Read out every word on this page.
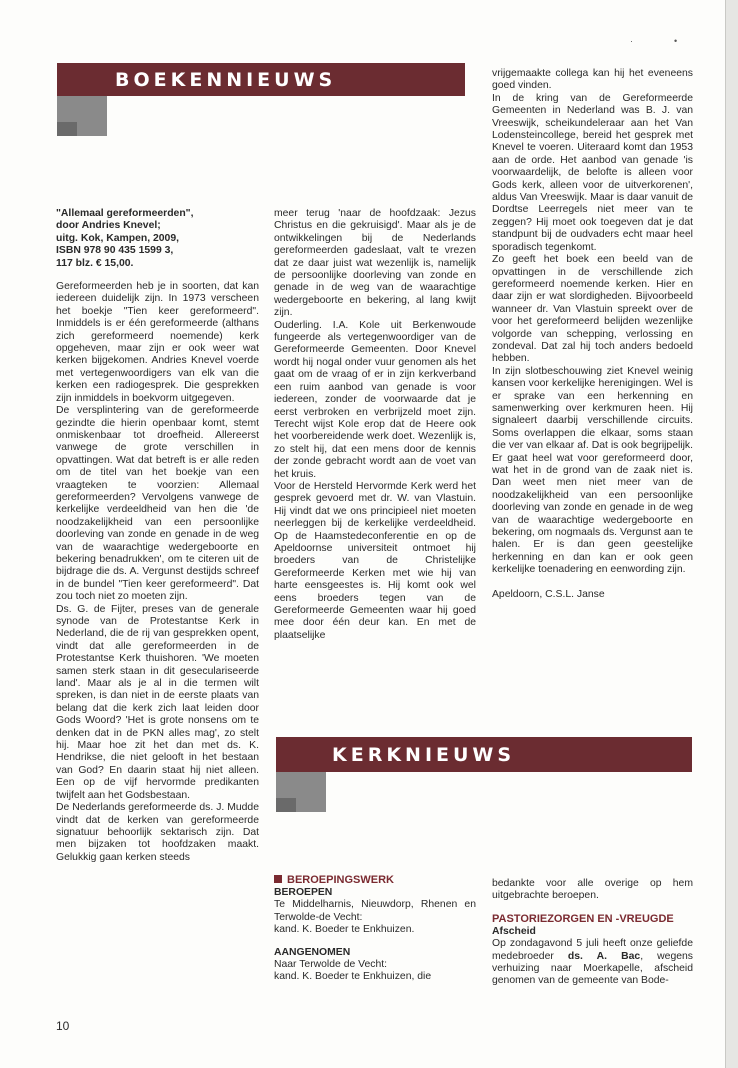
·	•
BOEKENNIEUWS
"Allemaal gereformeerden",
door Andries Knevel;
uitg. Kok, Kampen, 2009,
ISBN 978 90 435 1599 3,
117 blz. € 15,00.

Gereformeerden heb je in soorten, dat kan iedereen duidelijk zijn. In 1973 verscheen het boekje "Tien keer gereformeerd". Inmiddels is er één gereformeerde (althans zich gereformeerd noemende) kerk opgeheven, maar zijn er ook weer wat kerken bijgekomen. Andries Knevel voerde met vertegenwoordigers van elk van die kerken een radiogesprek. Die gesprekken zijn inmiddels in boekvorm uitgegeven.

De versplintering van de gereformeerde gezindte die hierin openbaar komt, stemt onmiskenbaar tot droefheid. Allereerst vanwege de grote verschillen in opvattingen. Wat dat betreft is er alle reden om de titel van het boekje van een vraagteken te voorzien: Allemaal gereformeerden? Vervolgens vanwege de kerkelijke verdeeldheid van hen die 'de noodzakelijkheid van een persoonlijke doorleving van zonde en genade in de weg van de waarachtige wedergeboorte en bekering benadrukken', om te citeren uit de bijdrage die ds. A. Vergunst destijds schreef in de bundel "Tien keer gereformeerd". Dat zou toch niet zo moeten zijn.

Ds. G. de Fijter, preses van de generale synode van de Protestantse Kerk in Nederland, die de rij van gesprekken opent, vindt dat alle gereformeerden in de Protestantse Kerk thuishoren. 'We moeten samen sterk staan in dit geseculariseerde land'. Maar als je al in die termen wilt spreken, is dan niet in de eerste plaats van belang dat die kerk zich laat leiden door Gods Woord? 'Het is grote nonsens om te denken dat in de PKN alles mag', zo stelt hij. Maar hoe zit het dan met ds. K. Hendrikse, die niet gelooft in het bestaan van God? En daarin staat hij niet alleen. Een op de vijf hervormde predikanten twijfelt aan het Godsbestaan.

De Nederlands gereformeerde ds. J. Mudde vindt dat de kerken van gereformeerde signatuur behoorlijk sektarisch zijn. Dat men bijzaken tot hoofdzaken maakt. Gelukkig gaan kerken steeds

meer terug 'naar de hoofdzaak: Jezus Christus en die gekruisigd'. Maar als je de ontwikkelingen bij de Nederlands gereformeerden gadeslaat, valt te vrezen dat ze daar juist wat wezenlijk is, namelijk de persoonlijke doorleving van zonde en genade in de weg van de waarachtige wedergeboorte en bekering, al lang kwijt zijn.

Ouderling. I.A. Kole uit Berkenwoude fungeerde als vertegenwoordiger van de Gereformeerde Gemeenten. Door Knevel wordt hij nogal onder vuur genomen als het gaat om de vraag of er in zijn kerkverband een ruim aanbod van genade is voor iedereen, zonder de voorwaarde dat je eerst verbroken en verbrijzeld moet zijn. Terecht wijst Kole erop dat de Heere ook het voorbereidende werk doet. Wezenlijk is, zo stelt hij, dat een mens door de kennis der zonde gebracht wordt aan de voet van het kruis.

Voor de Hersteld Hervormde Kerk werd het gesprek gevoerd met dr. W. van Vlastuin. Hij vindt dat we ons principieel niet moeten neerleggen bij de kerkelijke verdeeldheid. Op de Haamstedeconferentie en op de Apeldoornse universiteit ontmoet hij broeders van de Christelijke Gereformeerde Kerken met wie hij van harte eensgeestes is. Hij komt ook wel eens broeders tegen van de Gereformeerde Gemeenten waar hij goed mee door één deur kan. En met de plaatselijke

vrijgemaakte collega kan hij het eveneens goed vinden.

In de kring van de Gereformeerde Gemeenten in Nederland was B. J. van Vreeswijk, scheikundeleraar aan het Van Lodensteincollege, bereid het gesprek met Knevel te voeren. Uiteraard komt dan 1953 aan de orde. Het aanbod van genade 'is voorwaardelijk, de belofte is alleen voor Gods kerk, alleen voor de uitverkorenen', aldus Van Vreeswijk. Maar is daar vanuit de Dordtse Leerregels niet meer van te zeggen? Hij moet ook toegeven dat je dat standpunt bij de oudvaders echt maar heel sporadisch tegenkomt.

Zo geeft het boek een beeld van de opvattingen in de verschillende zich gereformeerd noemende kerken. Hier en daar zijn er wat slordigheden. Bijvoorbeeld wanneer dr. Van Vlastuin spreekt over de voor het gereformeerd belijden wezenlijke volgorde van schepping, verlossing en zondeval. Dat zal hij toch anders bedoeld hebben.

In zijn slotbeschouwing ziet Knevel weinig kansen voor kerkelijke herenigingen. Wel is er sprake van een herkenning en samenwerking over kerkmuren heen. Hij signaleert daarbij verschillende circuits. Soms overlappen die elkaar, soms staan die ver van elkaar af. Dat is ook begrijpelijk. Er gaat heel wat voor gereformeerd door, wat het in de grond van de zaak niet is. Dan weet men niet meer van de noodzakelijkheid van een persoonlijke doorleving van zonde en genade in de weg van de waarachtige wedergeboorte en bekering, om nogmaals ds. Vergunst aan te halen. Er is dan geen geestelijke herkenning en dan kan er ook geen kerkelijke toenadering en eenwording zijn.

Apeldoorn, C.S.L. Janse

KERKNIEUWS
BEROEPINGSWERK
BEROEPEN

Te Middelharnis, Nieuwdorp, Rhenen en Terwolde-de Vecht:

kand. K. Boeder te Enkhuizen.

AANGENOMEN

Naar Terwolde de Vecht:

kand. K. Boeder te Enkhuizen, die

bedankte voor alle overige op hem uitgebrachte beroepen.

PASTORIEZORGEN EN -VREUGDE
Afscheid

Op zondagavond 5 juli heeft onze geliefde medebroeder ds. A. Bac, wegens verhuizing naar Moerkapelle, afscheid genomen van de gemeente van Bode-

10
